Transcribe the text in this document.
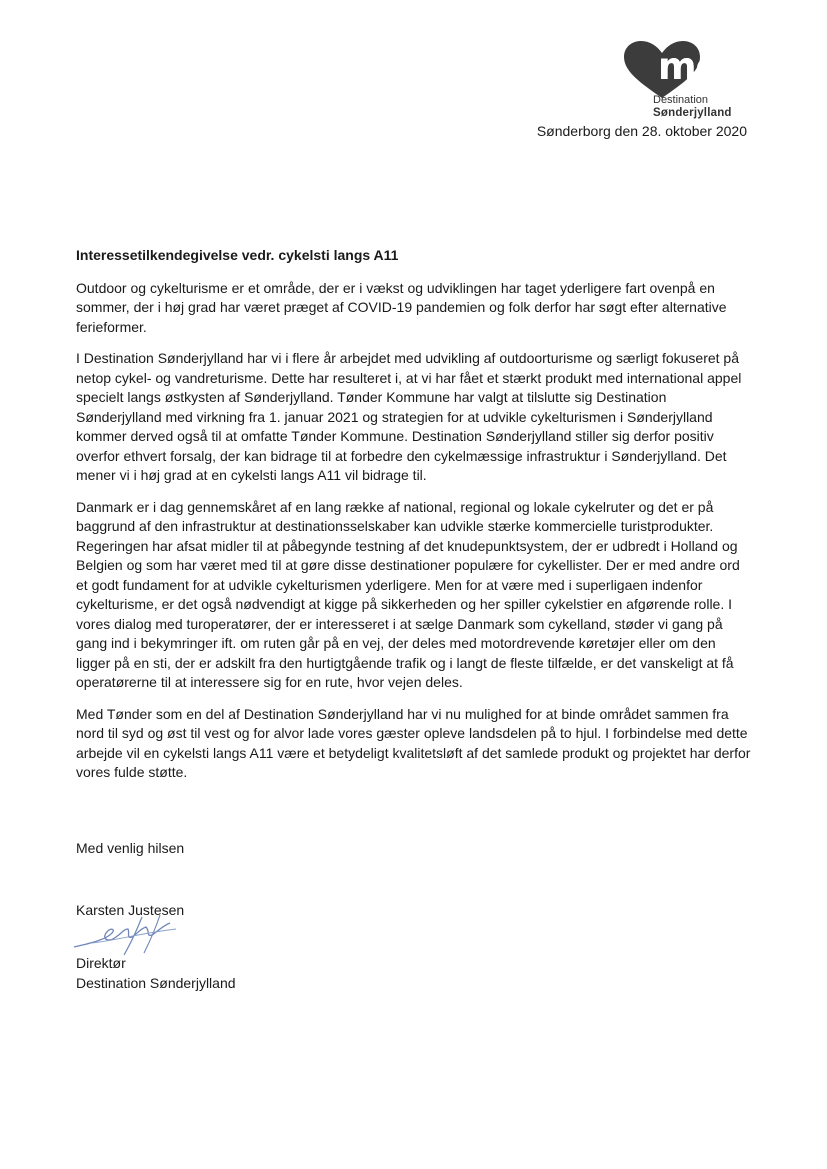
mojn
Destination
Sønderjylland
Sønderborg den 28. oktober 2020
Interessetilkendegivelse vedr. cykelsti langs A11

Outdoor og cykelturisme er et område, der er i vækst og udviklingen har taget yderligere fart ovenpå en sommer, der i høj grad har været præget af COVID-19 pandemien og folk derfor har søgt efter alternative ferieformer.

I Destination Sønderjylland har vi i flere år arbejdet med udvikling af outdoorturisme og særligt fokuseret på netop cykel- og vandreturisme. Dette har resulteret i, at vi har fået et stærkt produkt med international appel specielt langs østkysten af Sønderjylland. Tønder Kommune har valgt at tilslutte sig Destination Sønderjylland med virkning fra 1. januar 2021 og strategien for at udvikle cykelturismen i Sønderjylland kommer derved også til at omfatte Tønder Kommune. Destination Sønderjylland stiller sig derfor positiv overfor ethvert forsalg, der kan bidrage til at forbedre den cykelmæssige infrastruktur i Sønderjylland. Det mener vi i høj grad at en cykelsti langs A11 vil bidrage til.

Danmark er i dag gennemskåret af en lang række af national, regional og lokale cykelruter og det er på baggrund af den infrastruktur at destinationsselskaber kan udvikle stærke kommercielle turistprodukter. Regeringen har afsat midler til at påbegynde testning af det knudepunktsystem, der er udbredt i Holland og Belgien og som har været med til at gøre disse destinationer populære for cykellister. Der er med andre ord et godt fundament for at udvikle cykelturismen yderligere. Men for at være med i superligaen indenfor cykelturisme, er det også nødvendigt at kigge på sikkerheden og her spiller cykelstier en afgørende rolle. I vores dialog med turoperatører, der er interesseret i at sælge Danmark som cykelland, støder vi gang på gang ind i bekymringer ift. om ruten går på en vej, der deles med motordrevende køretøjer eller om den ligger på en sti, der er adskilt fra den hurtigtgående trafik og i langt de fleste tilfælde, er det vanskeligt at få operatørerne til at interessere sig for en rute, hvor vejen deles.

Med Tønder som en del af Destination Sønderjylland har vi nu mulighed for at binde området sammen fra nord til syd og øst til vest og for alvor lade vores gæster opleve landsdelen på to hjul. I forbindelse med dette arbejde vil en cykelsti langs A11 være et betydeligt kvalitetsløft af det samlede produkt og projektet har derfor vores fulde støtte.

Med venlig hilsen
Karsten Justesen
Direktør
Destination Sønderjylland
